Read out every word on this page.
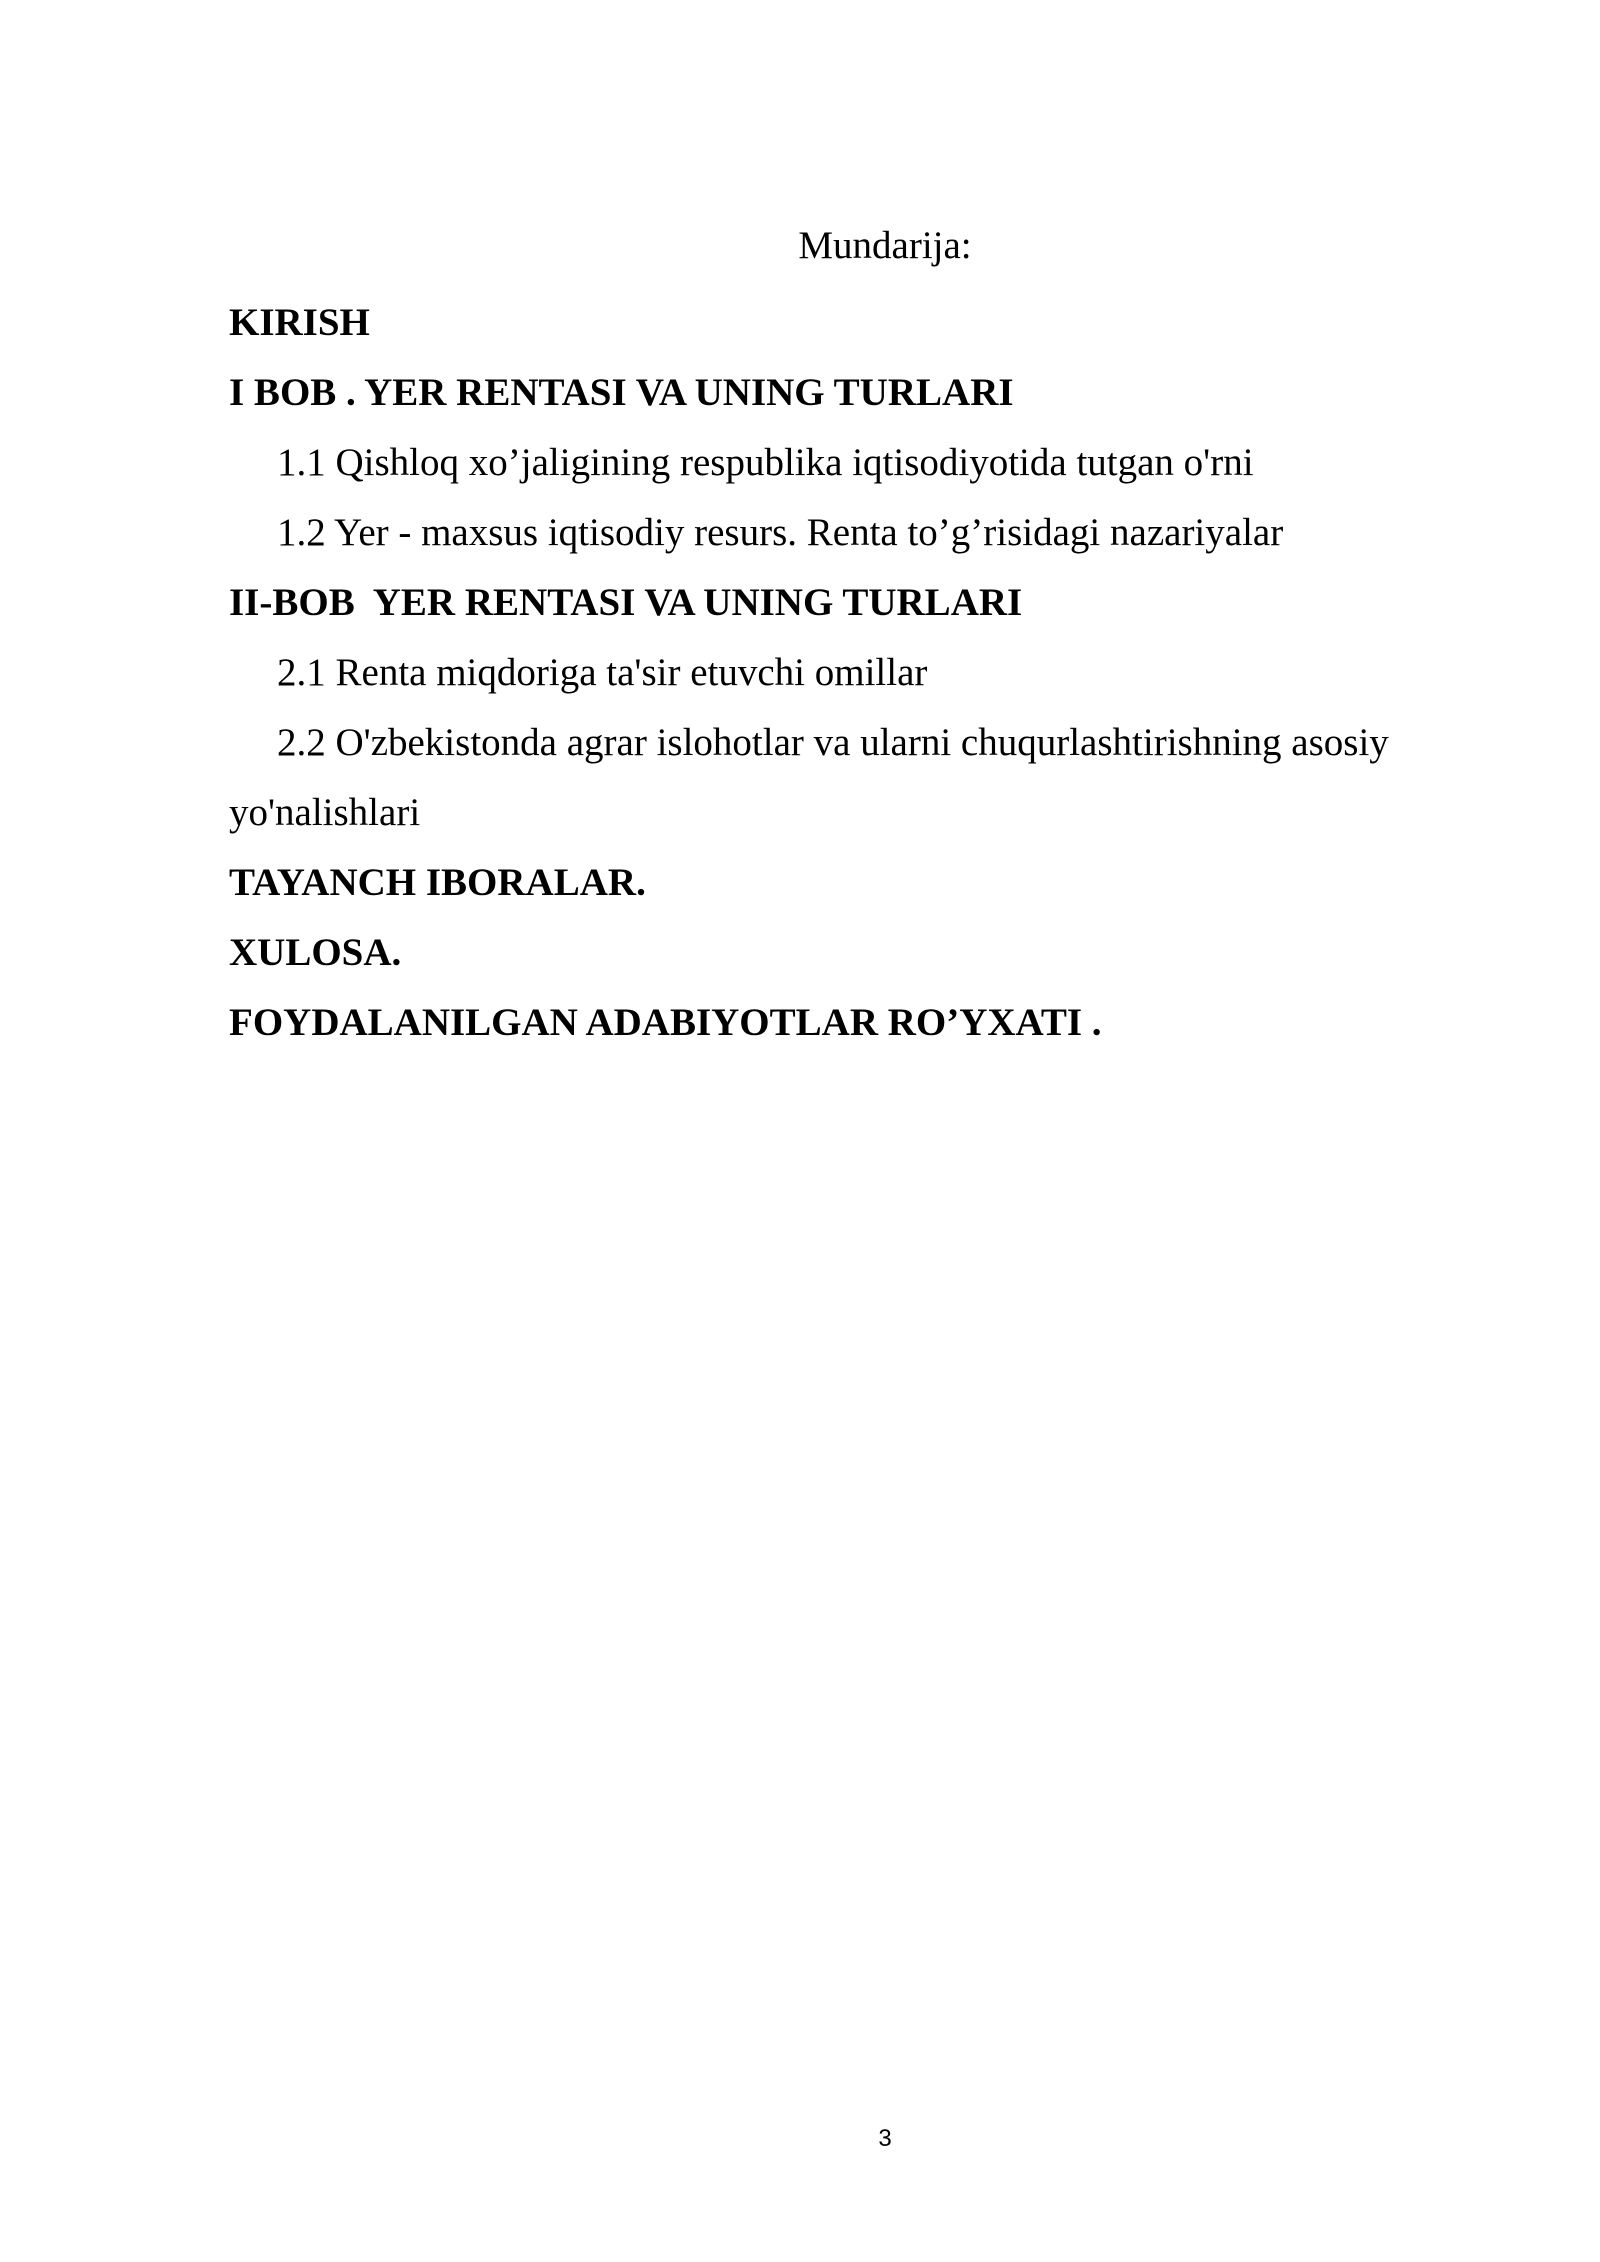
Mundarija:
KIRISH
I BOB . YER RENTASI VA UNING TURLARI
1.1 Qishloq xo’jaligining respublika iqtisodiyotida tutgan o'rni
1.2 Yer - maxsus iqtisodiy resurs. Renta to’g’risidagi nazariyalar
II-BOB  YER RENTASI VA UNING TURLARI
2.1 Renta miqdoriga ta'sir etuvchi omillar
2.2 O'zbekistonda agrar islohotlar va ularni chuqurlashtirishning asosiy
yo'nalishlari
TAYANCH IBORALAR.
XULOSA.
FOYDALANILGAN ADABIYOTLAR RO’YXATI .
3
